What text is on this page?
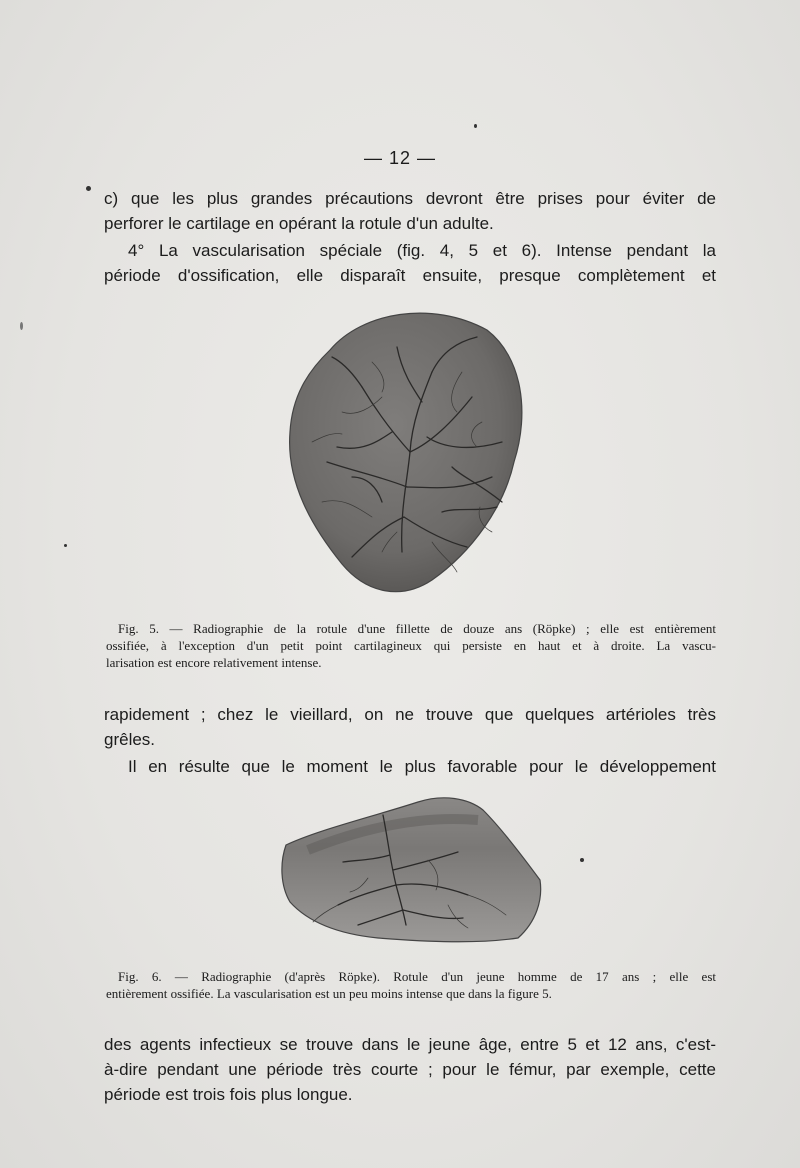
— 12 —

c) que les plus grandes précautions devront être prises pour éviter de
perforer le cartilage en opérant la rotule d'un adulte.

4° La vascularisation spéciale (fig. 4, 5 et 6). Intense pendant la
période d'ossification, elle disparaît ensuite, presque complètement et

Fig. 5. — Radiographie de la rotule d'une fillette de douze ans (Röpke) ; elle est entièrement
ossifiée, à l'exception d'un petit point cartilagineux qui persiste en haut et à droite. La vascu-
larisation est encore relativement intense.

rapidement ; chez le vieillard, on ne trouve que quelques artérioles très
grêles.

Il en résulte que le moment le plus favorable pour le développement

Fig. 6. — Radiographie (d'après Röpke). Rotule d'un jeune homme de 17 ans ; elle est
entièrement ossifiée. La vascularisation est un peu moins intense que dans la figure 5.

des agents infectieux se trouve dans le jeune âge, entre 5 et 12 ans, c'est-
à-dire pendant une période très courte ; pour le fémur, par exemple, cette
période est trois fois plus longue.
